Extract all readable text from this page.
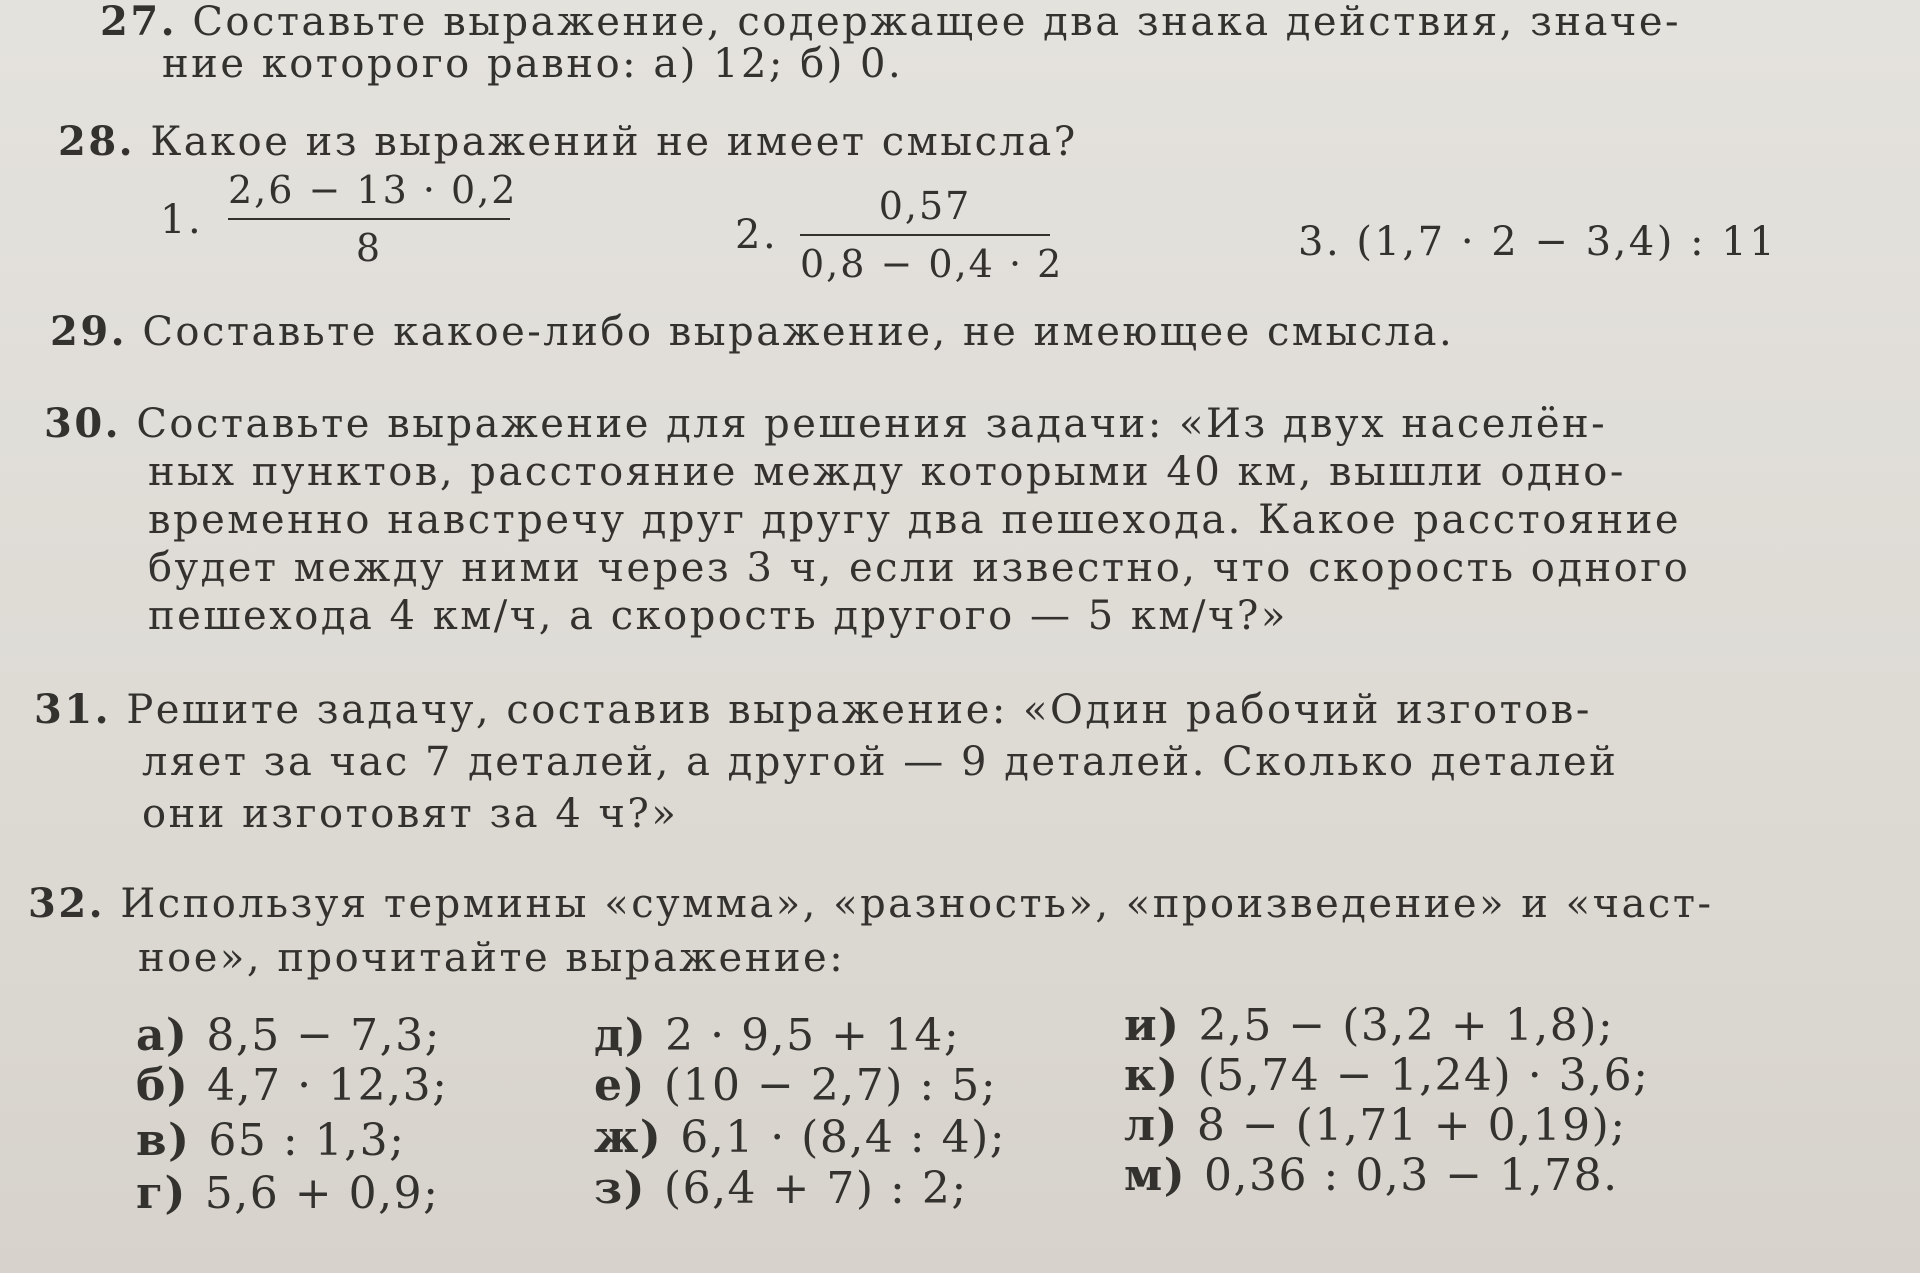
27. Составьте выражение, содержащее два знака действия, значе-
ние которого равно: а) 12; б) 0.
28. Какое из выражений не имеет смысла?
1.
2,6 − 13 · 0,2
8	2.
0,57
0,8 − 0,4 · 2	3. (1,7 · 2 − 3,4) : 11
29. Составьте какое-либо выражение, не имеющее смысла.
30. Составьте выражение для решения задачи: «Из двух населён-
ных пунктов, расстояние между которыми 40 км, вышли одно-
временно навстречу друг другу два пешехода. Какое расстояние
будет между ними через 3 ч, если известно, что скорость одного
пешехода 4 км/ч, а скорость другого — 5 км/ч?»
31. Решите задачу, составив выражение: «Один рабочий изготов-
ляет за час 7 деталей, а другой — 9 деталей. Сколько деталей
они изготовят за 4 ч?»
32. Используя термины «сумма», «разность», «произведение» и «част-
ное», прочитайте выражение:
а) 8,5 − 7,3;
б) 4,7 · 12,3;
в) 65 : 1,3;
г) 5,6 + 0,9;
д) 2 · 9,5 + 14;
е) (10 − 2,7) : 5;
ж) 6,1 · (8,4 : 4);
з) (6,4 + 7) : 2;
и) 2,5 − (3,2 + 1,8);
к) (5,74 − 1,24) · 3,6;
л) 8 − (1,71 + 0,19);
м) 0,36 : 0,3 − 1,78.
